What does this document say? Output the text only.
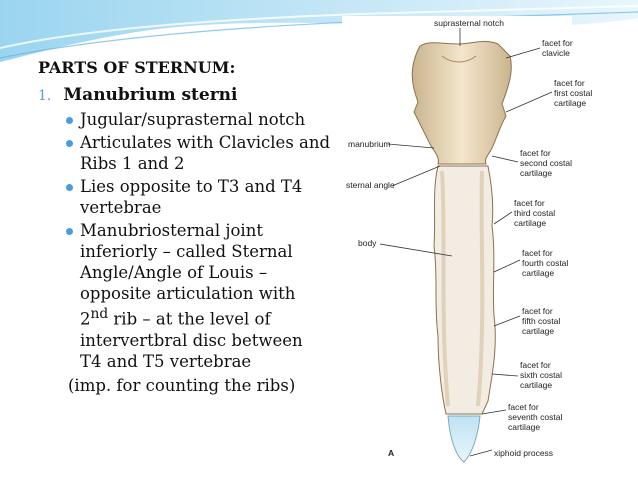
PARTS OF STERNUM:
1. Manubrium sterni
Jugular/suprasternal notch
Articulates with Clavicles and Ribs 1 and 2
Lies opposite to T3 and T4 vertebrae
Manubriosternal joint
inferiorly – called Sternal
Angle/Angle of Louis –
opposite articulation with
2nd rib – at the level of
intervertbral disc between
T4 and T5 vertebrae
(imp. for counting the ribs)
suprasternal notch
facet for
clavicle
facet for
first costal
cartilage
manubrium
facet for
second costal
cartilage
sternal angle
facet for
third costal
cartilage
body
facet for
fourth costal
cartilage
facet for
fifth costal
cartilage
facet for
sixth costal
cartilage
facet for
seventh costal
cartilage
xiphoid process
A
